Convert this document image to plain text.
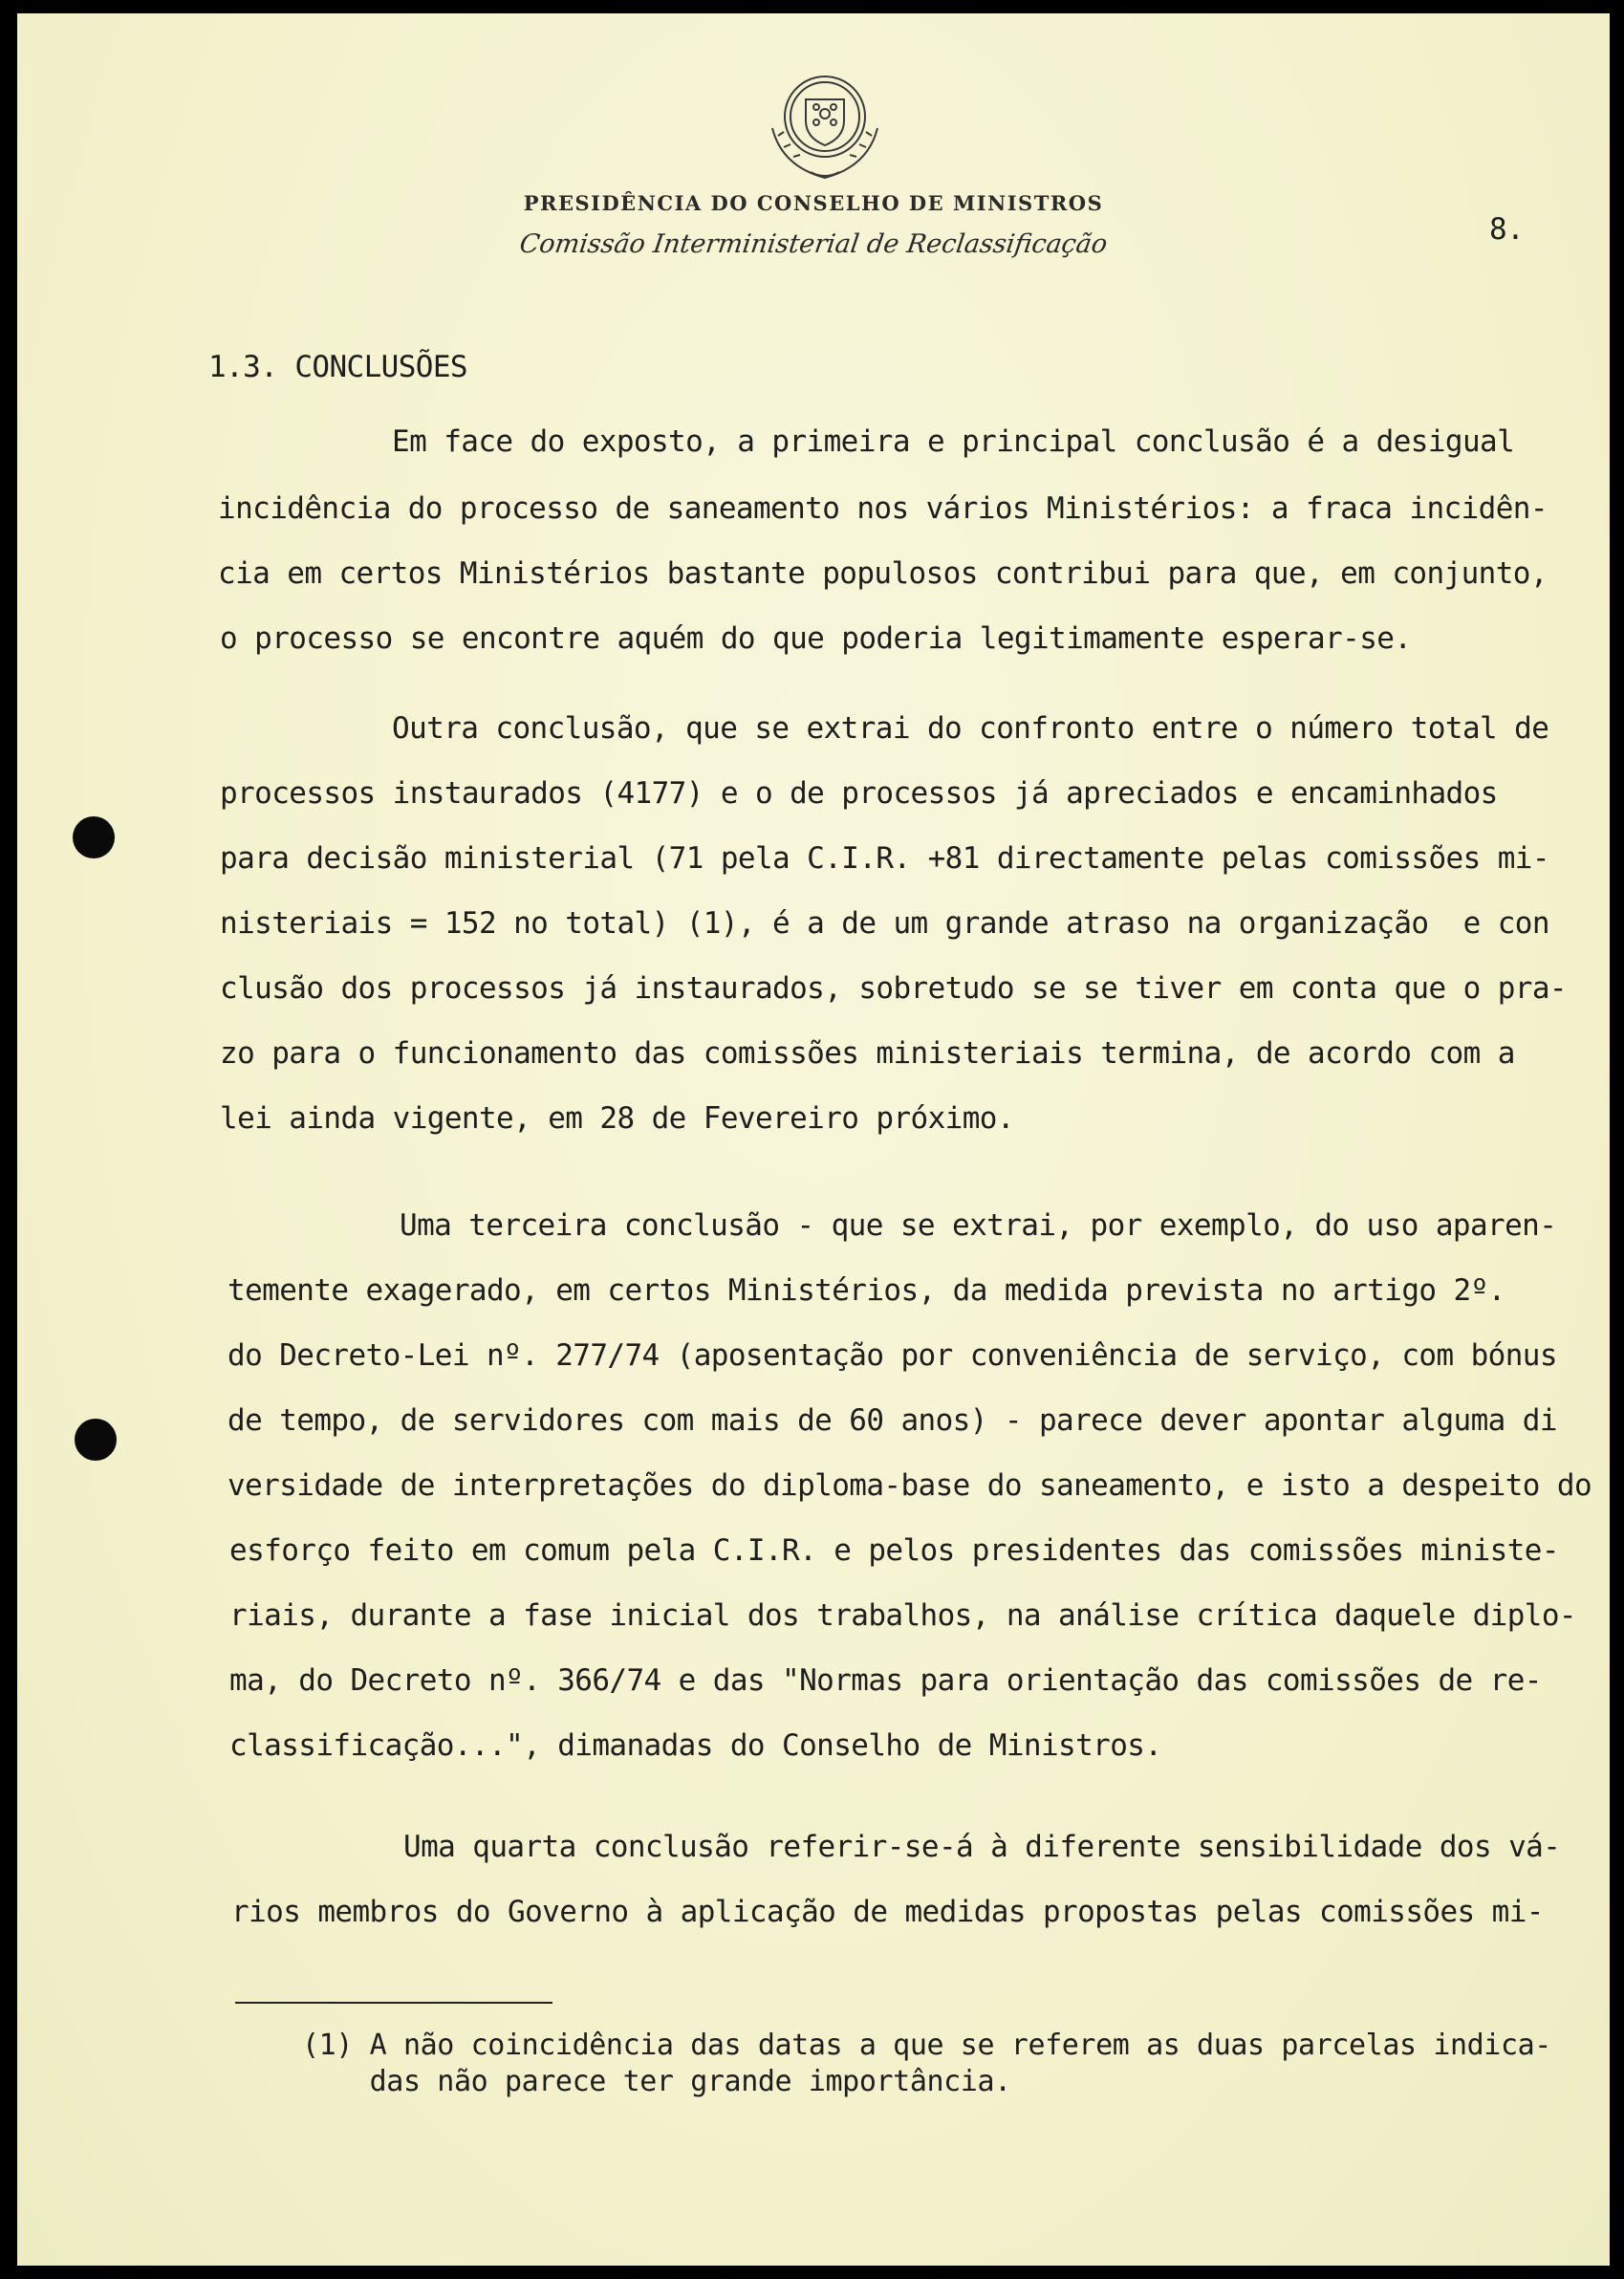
PRESIDÊNCIA DO CONSELHO DE MINISTROS
Comissão Interministerial de Reclassificação	8.
1.3. CONCLUSÕES
Em face do exposto, a primeira e principal conclusão é a desigual
incidência do processo de saneamento nos vários Ministérios: a fraca incidên-
cia em certos Ministérios bastante populosos contribui para que, em conjunto,
o processo se encontre aquém do que poderia legitimamente esperar-se.
Outra conclusão, que se extrai do confronto entre o número total de
processos instaurados (4177) e o de processos já apreciados e encaminhados
para decisão ministerial (71 pela C.I.R. +81 directamente pelas comissões mi-
nisteriais = 152 no total) (1), é a de um grande atraso na organização  e con
clusão dos processos já instaurados, sobretudo se se tiver em conta que o pra-
zo para o funcionamento das comissões ministeriais termina, de acordo com a
lei ainda vigente, em 28 de Fevereiro próximo.
Uma terceira conclusão - que se extrai, por exemplo, do uso aparen-
temente exagerado, em certos Ministérios, da medida prevista no artigo 2º.
do Decreto-Lei nº. 277/74 (aposentação por conveniência de serviço, com bónus
de tempo, de servidores com mais de 60 anos) - parece dever apontar alguma di
versidade de interpretações do diploma-base do saneamento, e isto a despeito do
esforço feito em comum pela C.I.R. e pelos presidentes das comissões ministe-
riais, durante a fase inicial dos trabalhos, na análise crítica daquele diplo-
ma, do Decreto nº. 366/74 e das "Normas para orientação das comissões de re-
classificação...", dimanadas do Conselho de Ministros.
Uma quarta conclusão referir-se-á à diferente sensibilidade dos vá-
rios membros do Governo à aplicação de medidas propostas pelas comissões mi-
(1) A não coincidência das datas a que se referem as duas parcelas indica-
das não parece ter grande importância.
